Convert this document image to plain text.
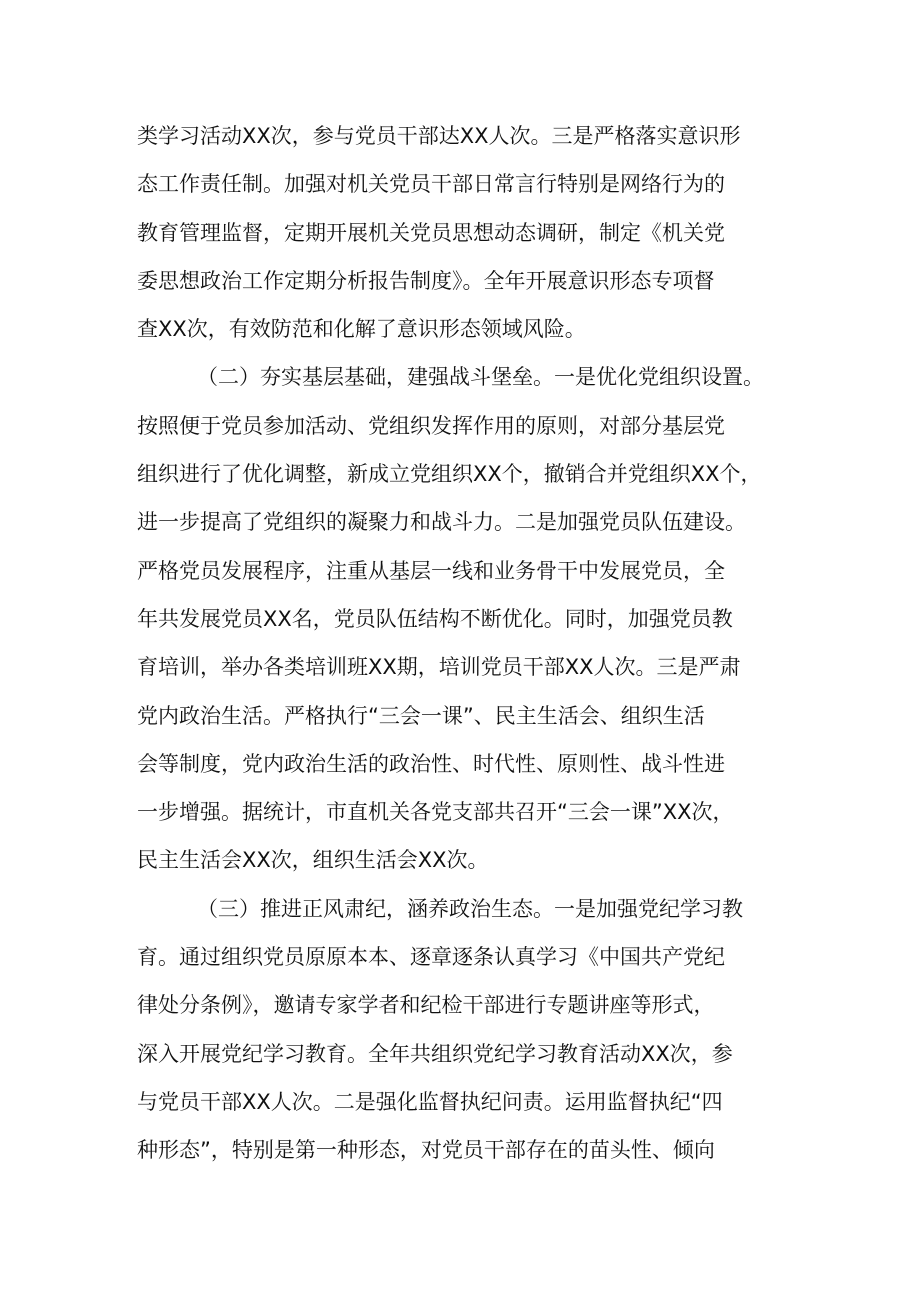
类学习活动XX次，参与党员干部达XX人次。三是严格落实意识形
态工作责任制。加强对机关党员干部日常言行特别是网络行为的
教育管理监督，定期开展机关党员思想动态调研，制定《机关党
委思想政治工作定期分析报告制度》。全年开展意识形态专项督
查XX次，有效防范和化解了意识形态领域风险。
（二）夯实基层基础，建强战斗堡垒。一是优化党组织设置。
按照便于党员参加活动、党组织发挥作用的原则，对部分基层党
组织进行了优化调整，新成立党组织XX个，撤销合并党组织XX个，
进一步提高了党组织的凝聚力和战斗力。二是加强党员队伍建设。
严格党员发展程序，注重从基层一线和业务骨干中发展党员，全
年共发展党员XX名，党员队伍结构不断优化。同时，加强党员教
育培训，举办各类培训班XX期，培训党员干部XX人次。三是严肃
党内政治生活。严格执行“三会一课”、民主生活会、组织生活
会等制度，党内政治生活的政治性、时代性、原则性、战斗性进
一步增强。据统计，市直机关各党支部共召开“三会一课”XX次，
民主生活会XX次，组织生活会XX次。
（三）推进正风肃纪，涵养政治生态。一是加强党纪学习教
育。通过组织党员原原本本、逐章逐条认真学习《中国共产党纪
律处分条例》，邀请专家学者和纪检干部进行专题讲座等形式，
深入开展党纪学习教育。全年共组织党纪学习教育活动XX次，参
与党员干部XX人次。二是强化监督执纪问责。运用监督执纪“四
种形态”，特别是第一种形态，对党员干部存在的苗头性、倾向
